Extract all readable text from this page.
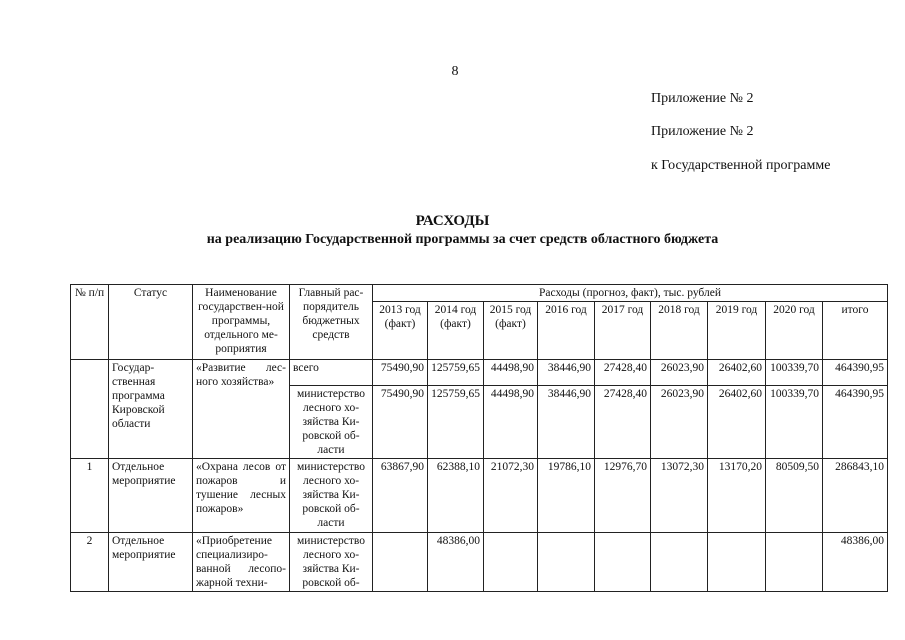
8
Приложение № 2
Приложение № 2
к Государственной программе
РАСХОДЫ
на реализацию Государственной программы за счет средств областного бюджета
№ п/п	Статус	Наименование государствен-ной программы, отдельного ме-роприятия	Главный рас-порядитель бюджетных средств	Расходы (прогноз, факт), тыс. рублей								
				2013 год (факт)	2014 год (факт)	2015 год (факт)	2016 год	2017 год	2018 год	2019 год	2020 год	итого
	Государ-ственная программа Кировской области	«Развитие лес-ного хозяйства»	всего	75490,90	125759,65	44498,90	38446,90	27428,40	26023,90	26402,60	100339,70	464390,95
			министерство лесного хо-зяйства Ки-ровской об-ласти	75490,90	125759,65	44498,90	38446,90	27428,40	26023,90	26402,60	100339,70	464390,95
1	Отдельное мероприятие	«Охрана лесов от пожаров и тушение лесных пожаров»	министерство лесного хо-зяйства Ки-ровской об-ласти	63867,90	62388,10	21072,30	19786,10	12976,70	13072,30	13170,20	80509,50	286843,10
2	Отдельное мероприятие	«Приобретение специализиро-ванной лесопо-жарной техни-	министерство лесного хо-зяйства Ки-ровской об-		48386,00							48386,00
